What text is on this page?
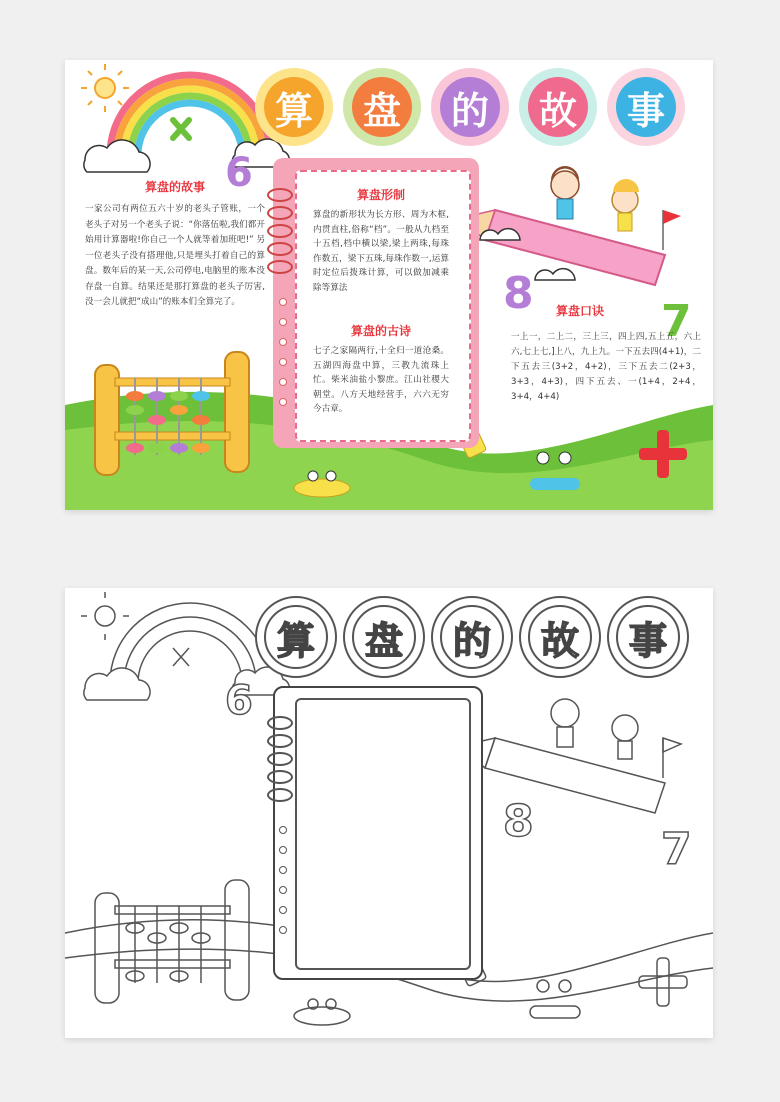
算 盘 的 故 事
6
8
7
算盘的故事
一家公司有两位五六十岁的老头子管账，一个老头子对另一个老头子说：“你落伍啦,我们都开始用计算器啦!你自己一个人就等着加班吧!” 另一位老头子没有搭理他,只是埋头打着自己的算盘。数年后的某一天,公司停电,电脑里的账本没存盘一自算。结果还是那打算盘的老头子厉害,没一会儿就把“成山”的账本们全算完了。
算盘形制
算盘的新形状为长方形、周为木框,内贯直柱,俗称“档”。一般从九档至十五档,档中横以梁,梁上两珠,每珠作数五，梁下五珠,每珠作数一,运算时定位后拨珠计算，可以做加减乘除等算法
算盘的古诗
七子之家隔两行,十全归一道沧桑。五湖四海盘中算，三教九流珠上忙。柴米油盐小黎庶。江山社稷大朝堂。八方天地经营手，六六无穷今古章。
算盘口诀
一上一，二上二，三上三，四上四,五上五，六上六,七上七,]上八，九上九。一下五去四(4+1)，二下五去三(3+2，4+2)，三下五去二(2+3，3+3，4+3)，四下五去、一(1+4，2+4，3+4，4+4)
算	盘	的	故	事
6
8
7
